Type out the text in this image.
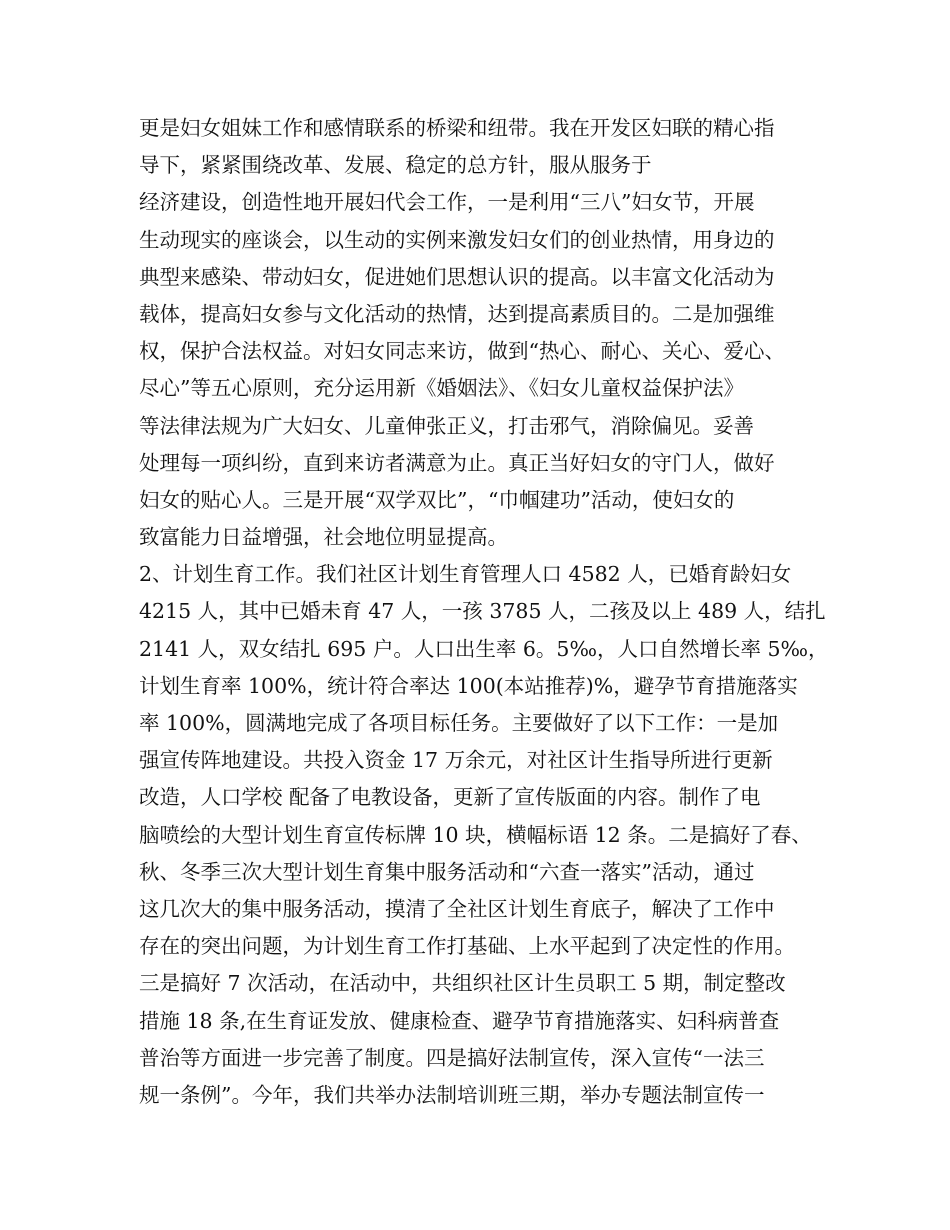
更是妇女姐妹工作和感情联系的桥梁和纽带。我在开发区妇联的精心指
导下，紧紧围绕改革、发展、稳定的总方针，服从服务于
经济建设，创造性地开展妇代会工作，一是利用“三八”妇女节，开展
生动现实的座谈会，以生动的实例来激发妇女们的创业热情，用身边的
典型来感染、带动妇女，促进她们思想认识的提高。以丰富文化活动为
载体，提高妇女参与文化活动的热情，达到提高素质目的。二是加强维
权，保护合法权益。对妇女同志来访，做到“热心、耐心、关心、爱心、
尽心”等五心原则，充分运用新《婚姻法》、《妇女儿童权益保护法》
等法律法规为广大妇女、儿童伸张正义，打击邪气，消除偏见。妥善
处理每一项纠纷，直到来访者满意为止。真正当好妇女的守门人，做好
妇女的贴心人。三是开展“双学双比”，“巾帼建功”活动，使妇女的
致富能力日益增强，社会地位明显提高。
2、计划生育工作。我们社区计划生育管理人口 4582 人，已婚育龄妇女
4215 人，其中已婚未育 47 人，一孩 3785 人，二孩及以上 489 人，结扎
2141 人，双女结扎 695 户。人口出生率 6。5‰，人口自然增长率 5‰，
计划生育率 100%，统计符合率达 100(本站推荐)%，避孕节育措施落实
率 100%，圆满地完成了各项目标任务。主要做好了以下工作：一是加
强宣传阵地建设。共投入资金 17 万余元，对社区计生指导所进行更新
改造，人口学校 配备了电教设备，更新了宣传版面的内容。制作了电
脑喷绘的大型计划生育宣传标牌 10 块，横幅标语 12 条。二是搞好了春、
秋、冬季三次大型计划生育集中服务活动和“六查一落实”活动，通过
这几次大的集中服务活动，摸清了全社区计划生育底子，解决了工作中
存在的突出问题，为计划生育工作打基础、上水平起到了决定性的作用。
三是搞好 7 次活动，在活动中，共组织社区计生员职工 5 期，制定整改
措施 18 条,在生育证发放、健康检查、避孕节育措施落实、妇科病普查
普治等方面进一步完善了制度。四是搞好法制宣传，深入宣传“一法三
规一条例”。今年，我们共举办法制培训班三期，举办专题法制宣传一
